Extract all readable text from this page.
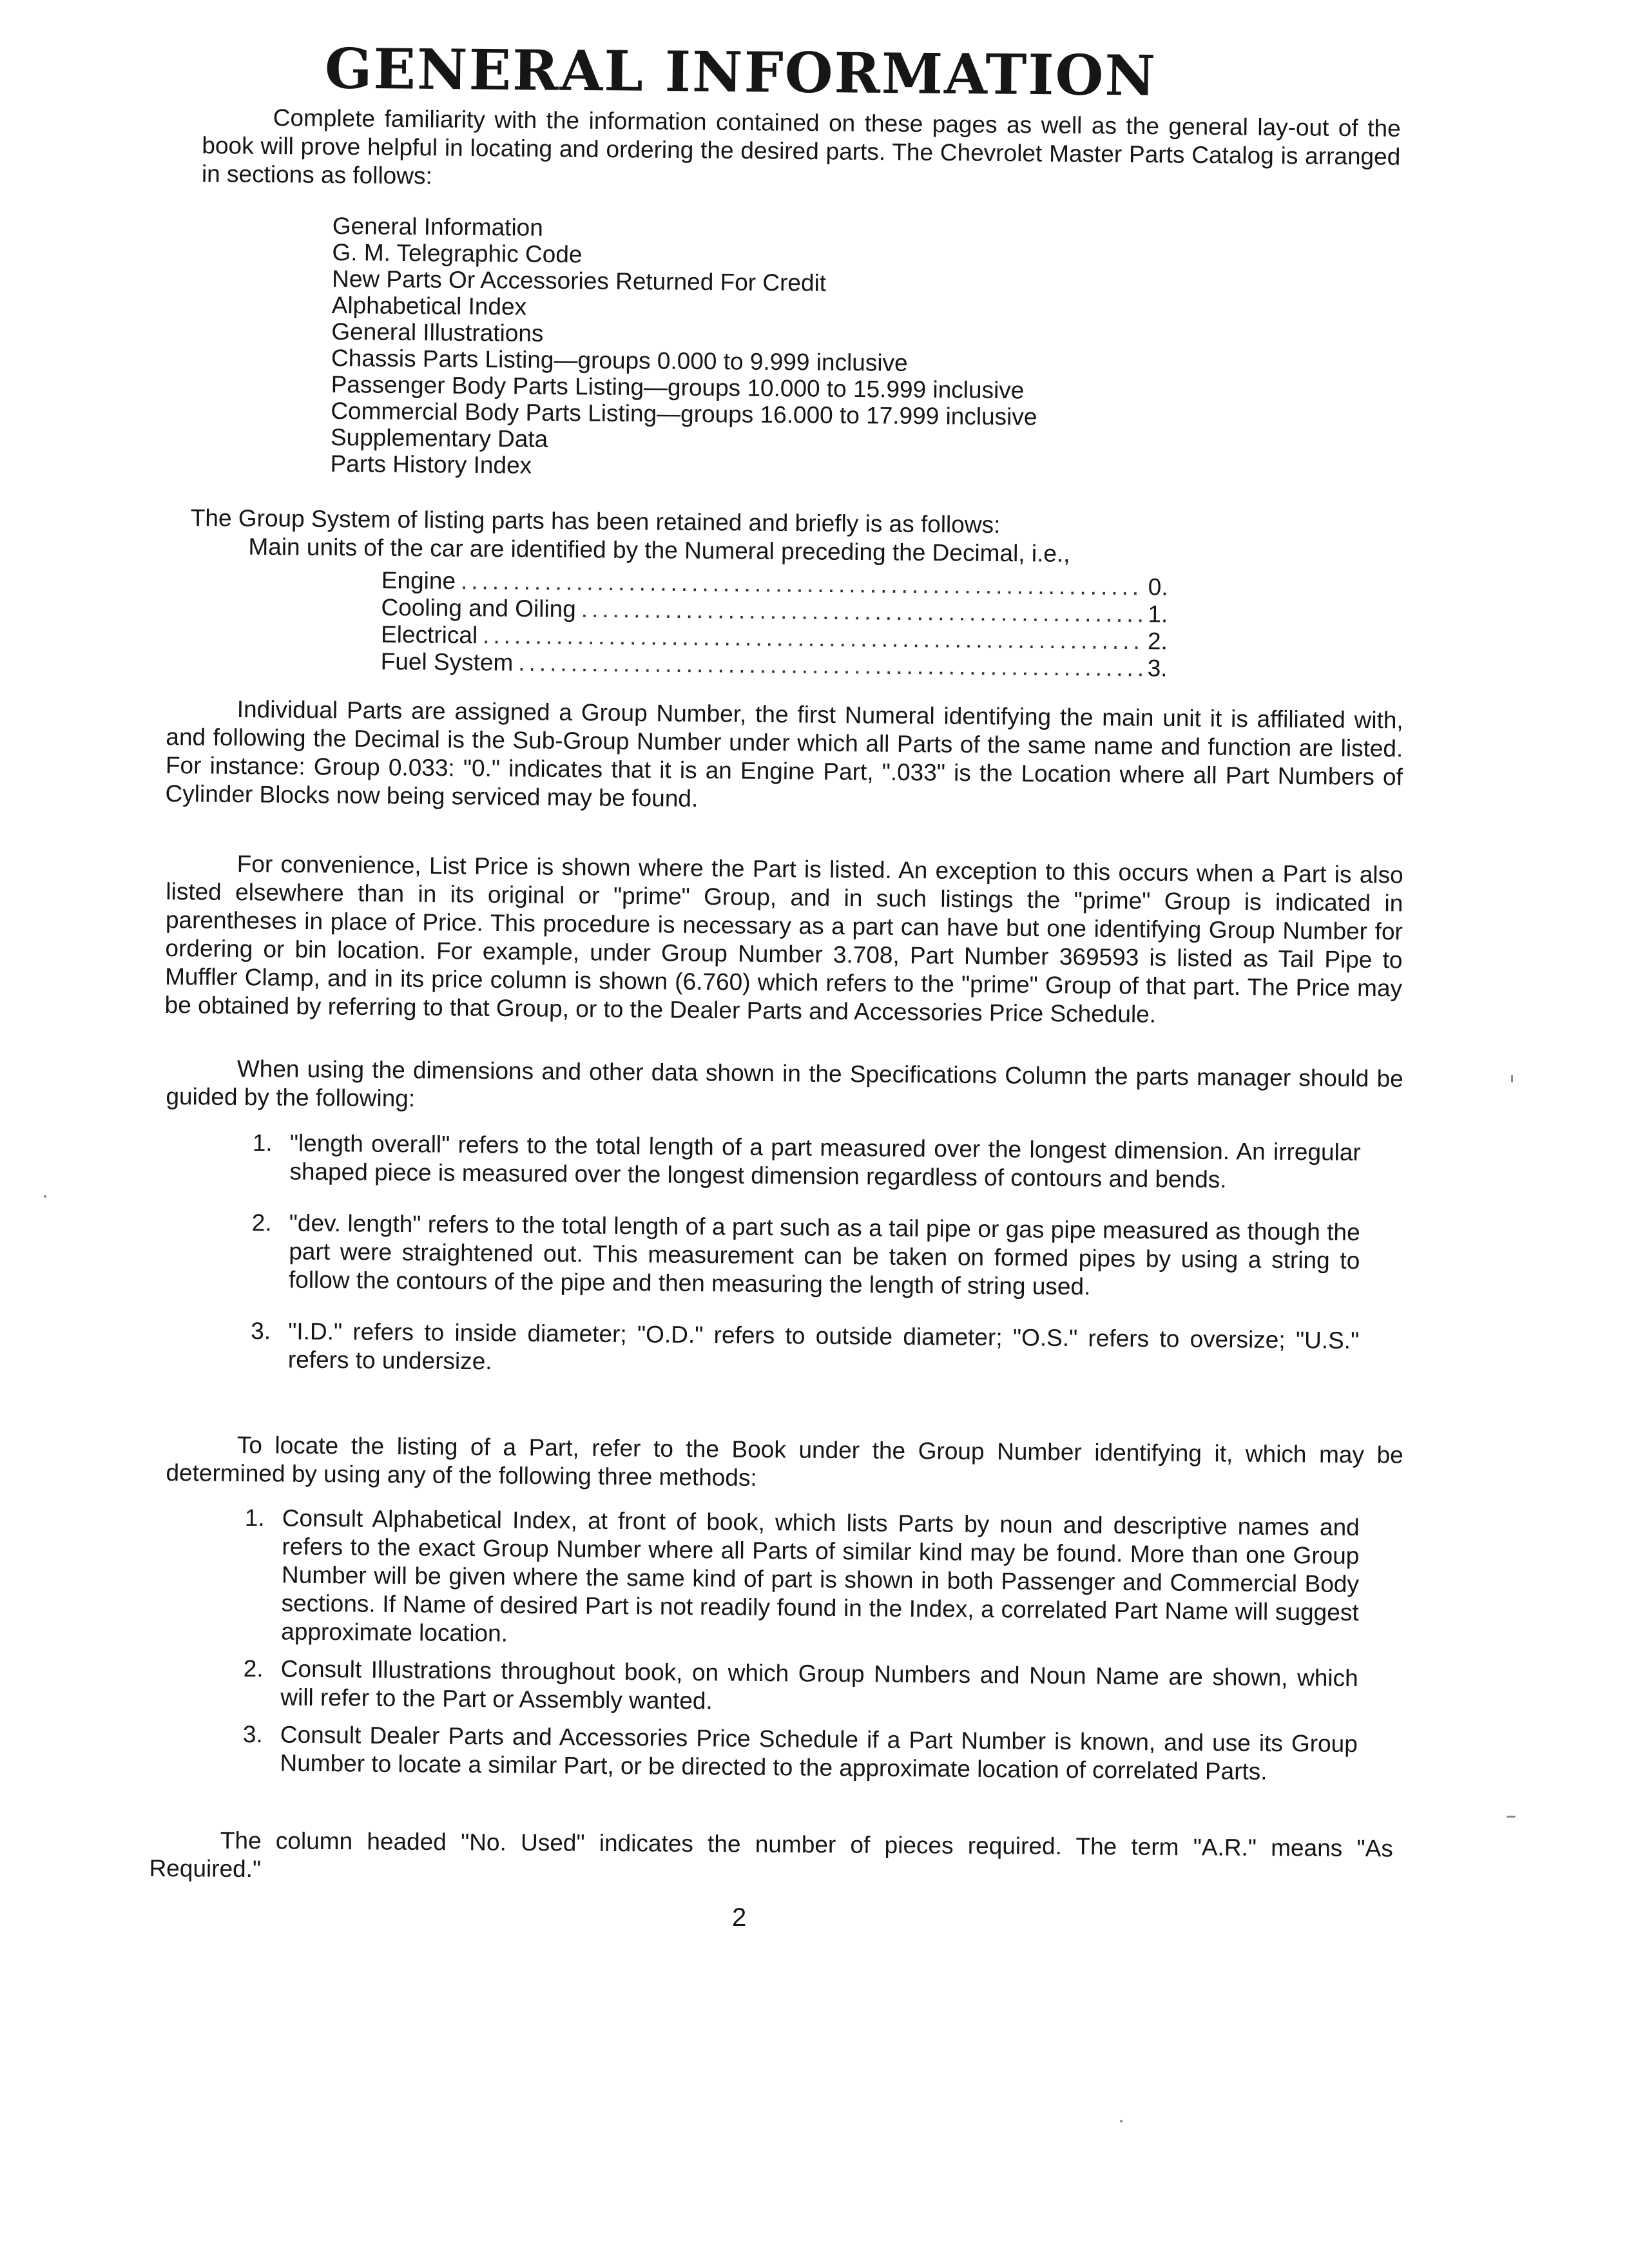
GENERAL INFORMATION

Complete familiarity with the information contained on these pages as well as the general lay-out of the book will prove helpful in locating and ordering the desired parts. The Chevrolet Master Parts Catalog is arranged in sections as follows:

General Information
G. M. Telegraphic Code
New Parts Or Accessories Returned For Credit
Alphabetical Index
General Illustrations
Chassis Parts Listing—groups 0.000 to 9.999 inclusive
Passenger Body Parts Listing—groups 10.000 to 15.999 inclusive
Commercial Body Parts Listing—groups 16.000 to 17.999 inclusive
Supplementary Data
Parts History Index

The Group System of listing parts has been retained and briefly is as follows:

Main units of the car are identified by the Numeral preceding the Decimal, i.e.,

Engine .....	0.
Cooling and Oiling .....	1.
Electrical .....	2.
Fuel System .....	3.

Individual Parts are assigned a Group Number, the first Numeral identifying the main unit it is affiliated with, and following the Decimal is the Sub-Group Number under which all Parts of the same name and function are listed. For instance: Group 0.033: "0." indicates that it is an Engine Part, ".033" is the Location where all Part Numbers of Cylinder Blocks now being serviced may be found.

For convenience, List Price is shown where the Part is listed. An exception to this occurs when a Part is also listed elsewhere than in its original or "prime" Group, and in such listings the "prime" Group is indicated in parentheses in place of Price. This procedure is necessary as a part can have but one identifying Group Number for ordering or bin location. For example, under Group Number 3.708, Part Number 369593 is listed as Tail Pipe to Muffler Clamp, and in its price column is shown (6.760) which refers to the "prime" Group of that part. The Price may be obtained by referring to that Group, or to the Dealer Parts and Accessories Price Schedule.

When using the dimensions and other data shown in the Specifications Column the parts manager should be guided by the following:

1. "length overall" refers to the total length of a part measured over the longest dimension. An irregular shaped piece is measured over the longest dimension regardless of contours and bends.
2. "dev. length" refers to the total length of a part such as a tail pipe or gas pipe measured as though the part were straightened out. This measurement can be taken on formed pipes by using a string to follow the contours of the pipe and then measuring the length of string used.
3. "I.D." refers to inside diameter; "O.D." refers to outside diameter; "O.S." refers to oversize; "U.S." refers to undersize.

To locate the listing of a Part, refer to the Book under the Group Number identifying it, which may be determined by using any of the following three methods:

1. Consult Alphabetical Index, at front of book, which lists Parts by noun and descriptive names and refers to the exact Group Number where all Parts of similar kind may be found. More than one Group Number will be given where the same kind of part is shown in both Passenger and Commercial Body sections. If Name of desired Part is not readily found in the Index, a correlated Part Name will suggest approximate location.
2. Consult Illustrations throughout book, on which Group Numbers and Noun Name are shown, which will refer to the Part or Assembly wanted.
3. Consult Dealer Parts and Accessories Price Schedule if a Part Number is known, and use its Group Number to locate a similar Part, or be directed to the approximate location of correlated Parts.

The column headed "No. Used" indicates the number of pieces required. The term "A.R." means "As Required."

2
